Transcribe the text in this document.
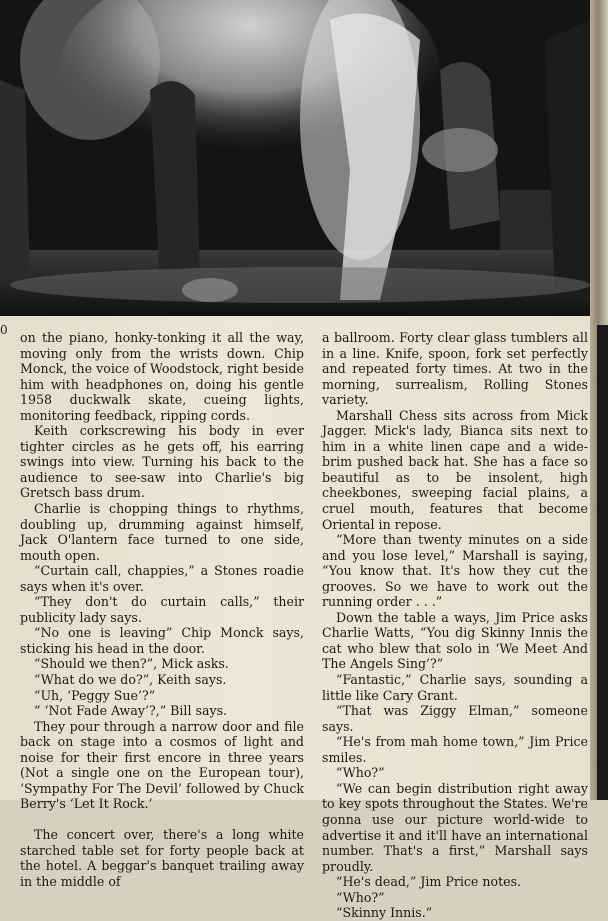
0 on the piano, honky-tonking it all the way, moving only from the wrists down. Chip Monck, the voice of Woodstock, right beside him with headphones on, doing his gentle 1958 duckwalk skate, cueing lights, monitoring feedback, ripping cords.

Keith corkscrewing his body in ever tighter circles as he gets off, his earring swings into view. Turning his back to the audience to see-saw into Charlie's big Gretsch bass drum.

Charlie is chopping things to rhythms, doubling up, drumming against himself, Jack O'lantern face turned to one side, mouth open.

“Curtain call, chappies,” a Stones roadie says when it's over.

“They don't do curtain calls,” their publicity lady says.

“No one is leaving” Chip Monck says, sticking his head in the door.

“Should we then?”, Mick asks.

“What do we do?”, Keith says.

“Uh, ‘Peggy Sue’?”

“ ‘Not Fade Away’?,” Bill says.

They pour through a narrow door and file back on stage into a cosmos of light and noise for their first encore in three years (Not a single one on the European tour), ‘Sympathy For The Devil’ followed by Chuck Berry's ‘Let It Rock.’

The concert over, there's a long white starched table set for forty people back at the hotel. A beggar's banquet trailing away in the middle of

a ballroom. Forty clear glass tumblers all in a line. Knife, spoon, fork set perfectly and repeated forty times. At two in the morning, surrealism, Rolling Stones variety.

Marshall Chess sits across from Mick Jagger. Mick's lady, Bianca sits next to him in a white linen cape and a wide-brim pushed back hat. She has a face so beautiful as to be insolent, high cheekbones, sweeping facial plains, a cruel mouth, features that become Oriental in repose.

“More than twenty minutes on a side and you lose level,” Marshall is saying, “You know that. It's how they cut the grooves. So we have to work out the running order . . .”

Down the table a ways, Jim Price asks Charlie Watts, “You dig Skinny Innis the cat who blew that solo in ‘We Meet And The Angels Sing’?”

“Fantastic,” Charlie says, sounding a little like Cary Grant.

“That was Ziggy Elman,” someone says.

“He's from mah home town,” Jim Price smiles.

“Who?”

“We can begin distribution right away to key spots throughout the States. We're gonna use our picture world-wide to advertise it and it'll have an international number. That's a first,” Marshall says proudly.

“He's dead,” Jim Price notes.

“Who?”

“Skinny Innis.”
